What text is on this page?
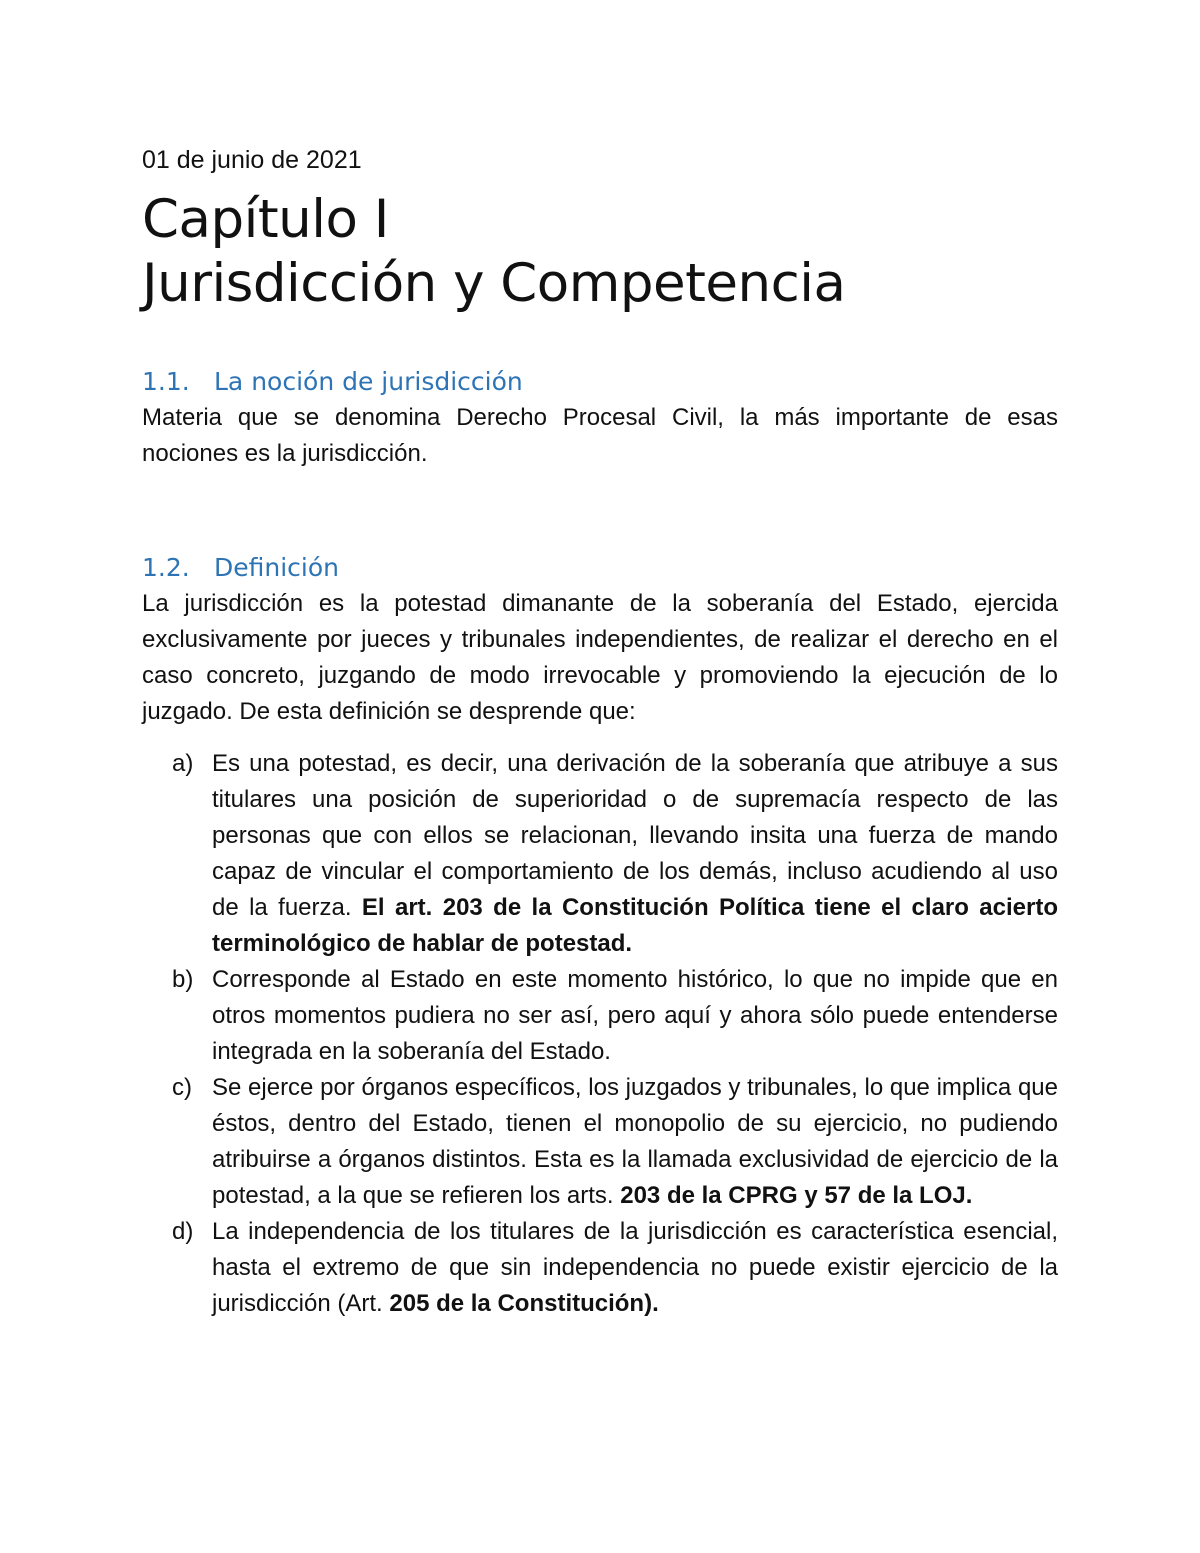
01 de junio de 2021

Capítulo I
Jurisdicción y Competencia
1.1. La noción de jurisdicción

Materia que se denomina Derecho Procesal Civil, la más importante de esas nociones es la jurisdicción.

1.2. Definición

La jurisdicción es la potestad dimanante de la soberanía del Estado, ejercida exclusivamente por jueces y tribunales independientes, de realizar el derecho en el caso concreto, juzgando de modo irrevocable y promoviendo la ejecución de lo juzgado. De esta definición se desprende que:

a) Es una potestad, es decir, una derivación de la soberanía que atribuye a sus titulares una posición de superioridad o de supremacía respecto de las personas que con ellos se relacionan, llevando insita una fuerza de mando capaz de vincular el comportamiento de los demás, incluso acudiendo al uso de la fuerza. El art. 203 de la Constitución Política tiene el claro acierto terminológico de hablar de potestad.
b) Corresponde al Estado en este momento histórico, lo que no impide que en otros momentos pudiera no ser así, pero aquí y ahora sólo puede entenderse integrada en la soberanía del Estado.
c) Se ejerce por órganos específicos, los juzgados y tribunales, lo que implica que éstos, dentro del Estado, tienen el monopolio de su ejercicio, no pudiendo atribuirse a órganos distintos. Esta es la llamada exclusividad de ejercicio de la potestad, a la que se refieren los arts. 203 de la CPRG y 57 de la LOJ.
d) La independencia de los titulares de la jurisdicción es característica esencial, hasta el extremo de que sin independencia no puede existir ejercicio de la jurisdicción (Art. 205 de la Constitución).
